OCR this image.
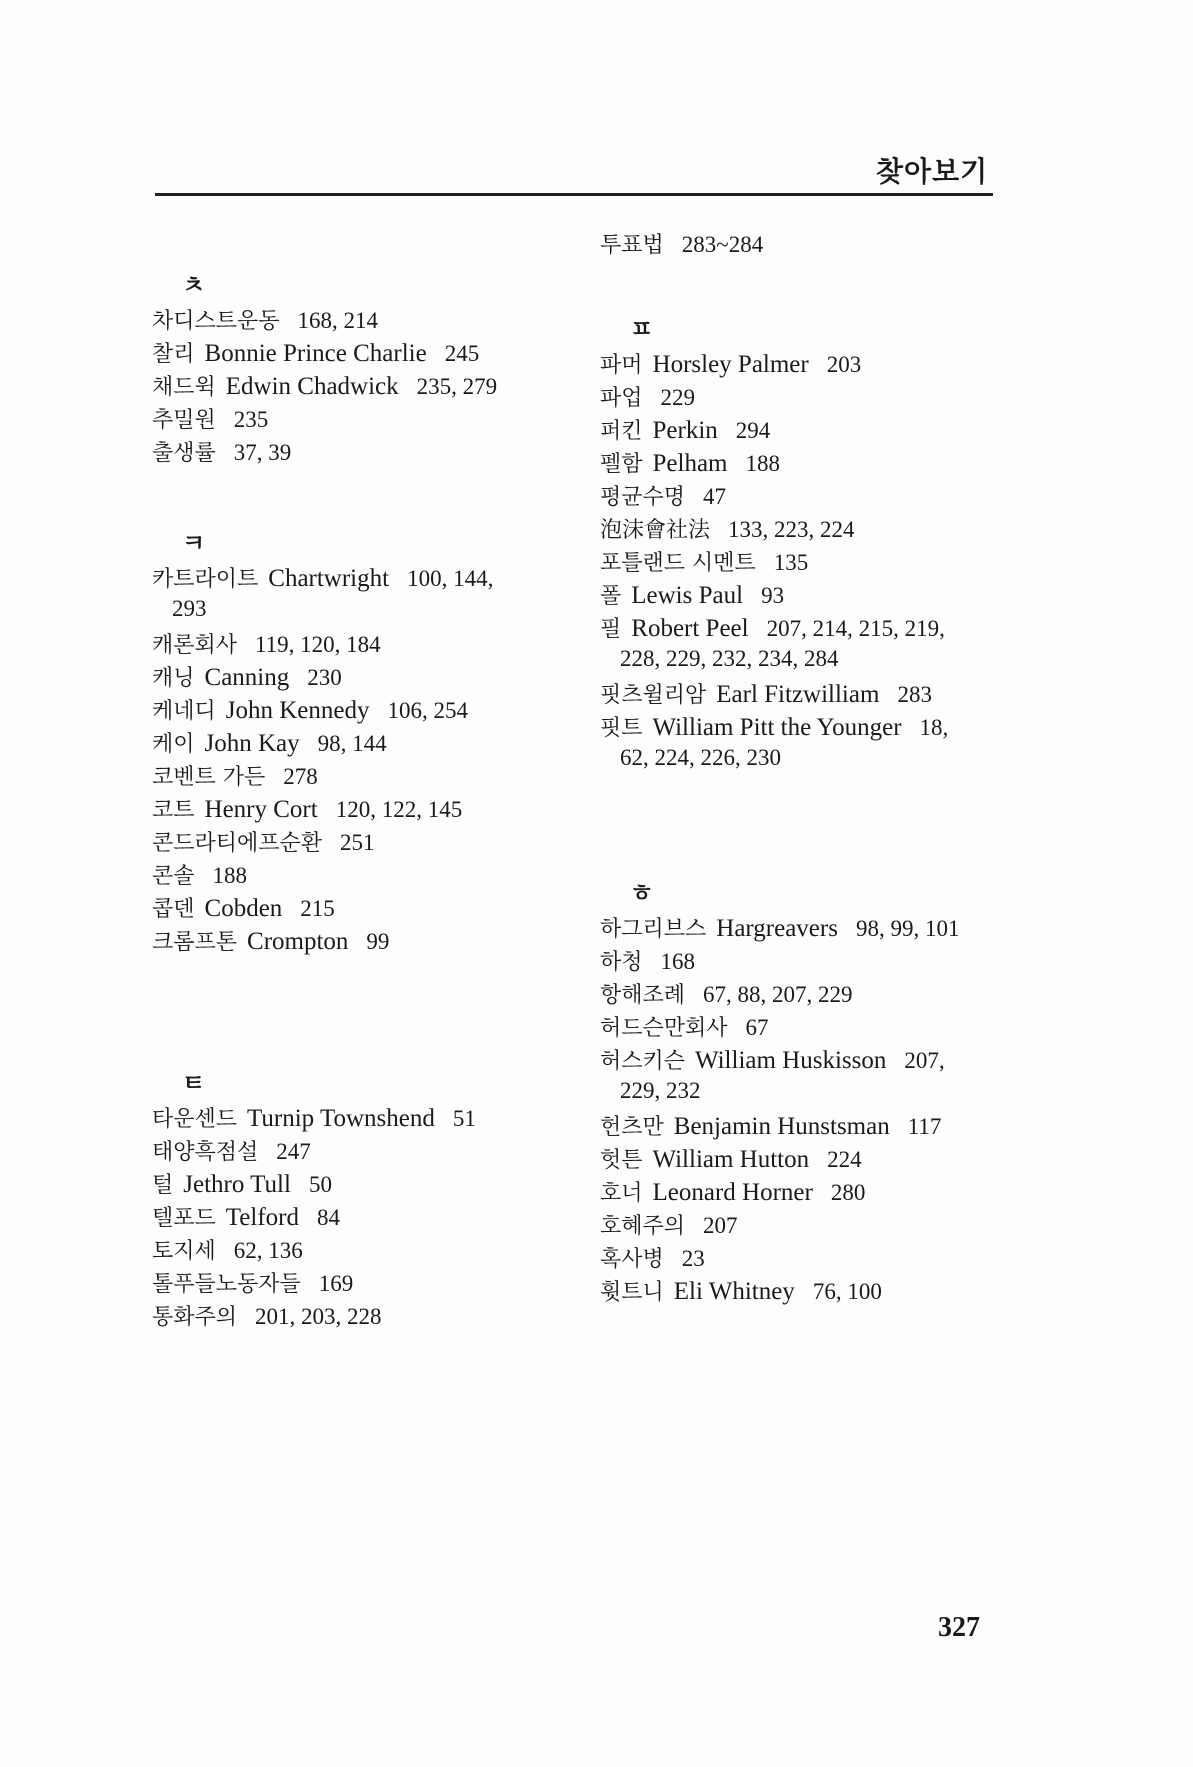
찾아보기
ㅊ
차디스트운동 168, 214
찰리 Bonnie Prince Charlie 245
채드윅 Edwin Chadwick 235, 279
추밀원 235
출생률 37, 39
ㅋ
카트라이트 Chartwright 100, 144,
293
캐론회사 119, 120, 184
캐닝 Canning 230
케네디 John Kennedy 106, 254
케이 John Kay 98, 144
코벤트 가든 278
코트 Henry Cort 120, 122, 145
콘드라티에프순환 251
콘솔 188
콥덴 Cobden 215
크롬프톤 Crompton 99
ㅌ
타운센드 Turnip Townshend 51
태양흑점설 247
털 Jethro Tull 50
텔포드 Telford 84
토지세 62, 136
톨푸들노동자들 169
통화주의 201, 203, 228
투표법 283~284
ㅍ
파머 Horsley Palmer 203
파업 229
퍼킨 Perkin 294
펠함 Pelham 188
평균수명 47
泡沫會社法 133, 223, 224
포틀랜드 시멘트 135
폴 Lewis Paul 93
필 Robert Peel 207, 214, 215, 219,
228, 229, 232, 234, 284
핏츠윌리암 Earl Fitzwilliam 283
핏트 William Pitt the Younger 18,
62, 224, 226, 230
ㅎ
하그리브스 Hargreavers 98, 99, 101
하청 168
항해조례 67, 88, 207, 229
허드슨만회사 67
허스키슨 William Huskisson 207,
229, 232
헌츠만 Benjamin Hunstsman 117
헛튼 William Hutton 224
호너 Leonard Horner 280
호혜주의 207
혹사병 23
휫트니 Eli Whitney 76, 100
327
